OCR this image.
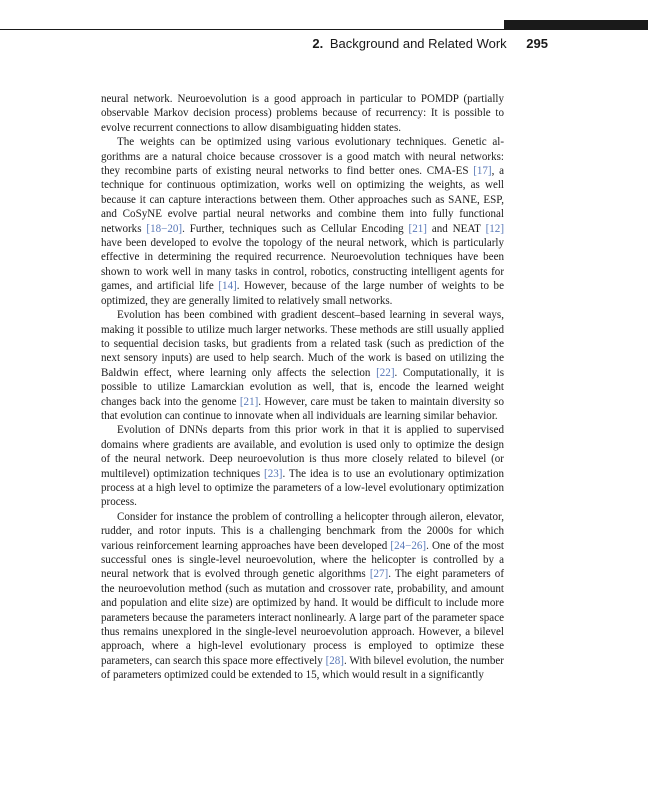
2. Background and Related Work 295

neural network. Neuroevolution is a good approach in particular to POMDP (partially observable Markov decision process) problems because of recurrency: It is possible to evolve recurrent connections to allow disambiguating hidden states.

The weights can be optimized using various evolutionary techniques. Genetic algorithms are a natural choice because crossover is a good match with neural networks: they recombine parts of existing neural networks to find better ones. CMA-ES [17], a technique for continuous optimization, works well on optimizing the weights, as well because it can capture interactions between them. Other approaches such as SANE, ESP, and CoSyNE evolve partial neural networks and combine them into fully functional networks [18−20]. Further, techniques such as Cellular Encoding [21] and NEAT [12] have been developed to evolve the topology of the neural network, which is particularly effective in determining the required recurrence. Neuroevolution techniques have been shown to work well in many tasks in control, robotics, constructing intelligent agents for games, and artificial life [14]. However, because of the large number of weights to be optimized, they are generally limited to relatively small networks.

Evolution has been combined with gradient descent–based learning in several ways, making it possible to utilize much larger networks. These methods are still usually applied to sequential decision tasks, but gradients from a related task (such as prediction of the next sensory inputs) are used to help search. Much of the work is based on utilizing the Baldwin effect, where learning only affects the selection [22]. Computationally, it is possible to utilize Lamarckian evolution as well, that is, encode the learned weight changes back into the genome [21]. However, care must be taken to maintain diversity so that evolution can continue to innovate when all individuals are learning similar behavior.

Evolution of DNNs departs from this prior work in that it is applied to supervised domains where gradients are available, and evolution is used only to optimize the design of the neural network. Deep neuroevolution is thus more closely related to bilevel (or multilevel) optimization techniques [23]. The idea is to use an evolutionary optimization process at a high level to optimize the parameters of a low-level evolutionary optimization process.

Consider for instance the problem of controlling a helicopter through aileron, elevator, rudder, and rotor inputs. This is a challenging benchmark from the 2000s for which various reinforcement learning approaches have been developed [24−26]. One of the most successful ones is single-level neuroevolution, where the helicopter is controlled by a neural network that is evolved through genetic algorithms [27]. The eight parameters of the neuroevolution method (such as mutation and crossover rate, probability, and amount and population and elite size) are optimized by hand. It would be difficult to include more parameters because the parameters interact nonlinearly. A large part of the parameter space thus remains unexplored in the single-level neuroevolution approach. However, a bilevel approach, where a high-level evolutionary process is employed to optimize these parameters, can search this space more effectively [28]. With bilevel evolution, the number of parameters optimized could be extended to 15, which would result in a significantly
